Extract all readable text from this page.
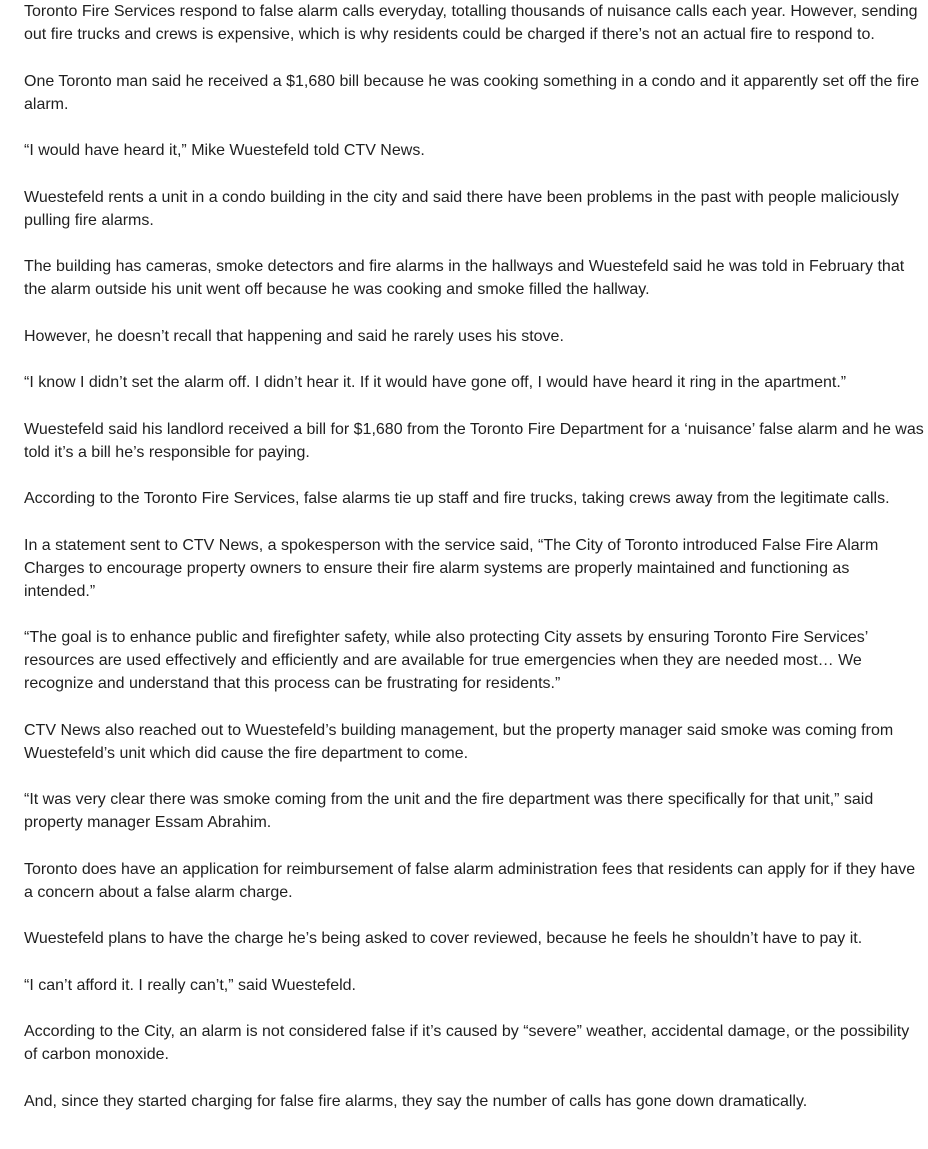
Toronto Fire Services respond to false alarm calls everyday, totalling thousands of nuisance calls each year. However, sending out fire trucks and crews is expensive, which is why residents could be charged if there’s not an actual fire to respond to.

One Toronto man said he received a $1,680 bill because he was cooking something in a condo and it apparently set off the fire alarm.

“I would have heard it,” Mike Wuestefeld told CTV News.

Wuestefeld rents a unit in a condo building in the city and said there have been problems in the past with people maliciously pulling fire alarms.

The building has cameras, smoke detectors and fire alarms in the hallways and Wuestefeld said he was told in February that the alarm outside his unit went off because he was cooking and smoke filled the hallway.

However, he doesn’t recall that happening and said he rarely uses his stove.

“I know I didn’t set the alarm off. I didn’t hear it. If it would have gone off, I would have heard it ring in the apartment.”

Wuestefeld said his landlord received a bill for $1,680 from the Toronto Fire Department for a ‘nuisance’ false alarm and he was told it’s a bill he’s responsible for paying.

According to the Toronto Fire Services, false alarms tie up staff and fire trucks, taking crews away from the legitimate calls.

In a statement sent to CTV News, a spokesperson with the service said, “The City of Toronto introduced False Fire Alarm Charges to encourage property owners to ensure their fire alarm systems are properly maintained and functioning as intended.”

“The goal is to enhance public and firefighter safety, while also protecting City assets by ensuring Toronto Fire Services’ resources are used effectively and efficiently and are available for true emergencies when they are needed most… We recognize and understand that this process can be frustrating for residents.”

CTV News also reached out to Wuestefeld’s building management, but the property manager said smoke was coming from Wuestefeld’s unit which did cause the fire department to come.

“It was very clear there was smoke coming from the unit and the fire department was there specifically for that unit,” said property manager Essam Abrahim.

Toronto does have an application for reimbursement of false alarm administration fees that residents can apply for if they have a concern about a false alarm charge.

Wuestefeld plans to have the charge he’s being asked to cover reviewed, because he feels he shouldn’t have to pay it.

“I can’t afford it. I really can’t,” said Wuestefeld.

According to the City, an alarm is not considered false if it’s caused by “severe” weather, accidental damage, or the possibility of carbon monoxide.

And, since they started charging for false fire alarms, they say the number of calls has gone down dramatically.
